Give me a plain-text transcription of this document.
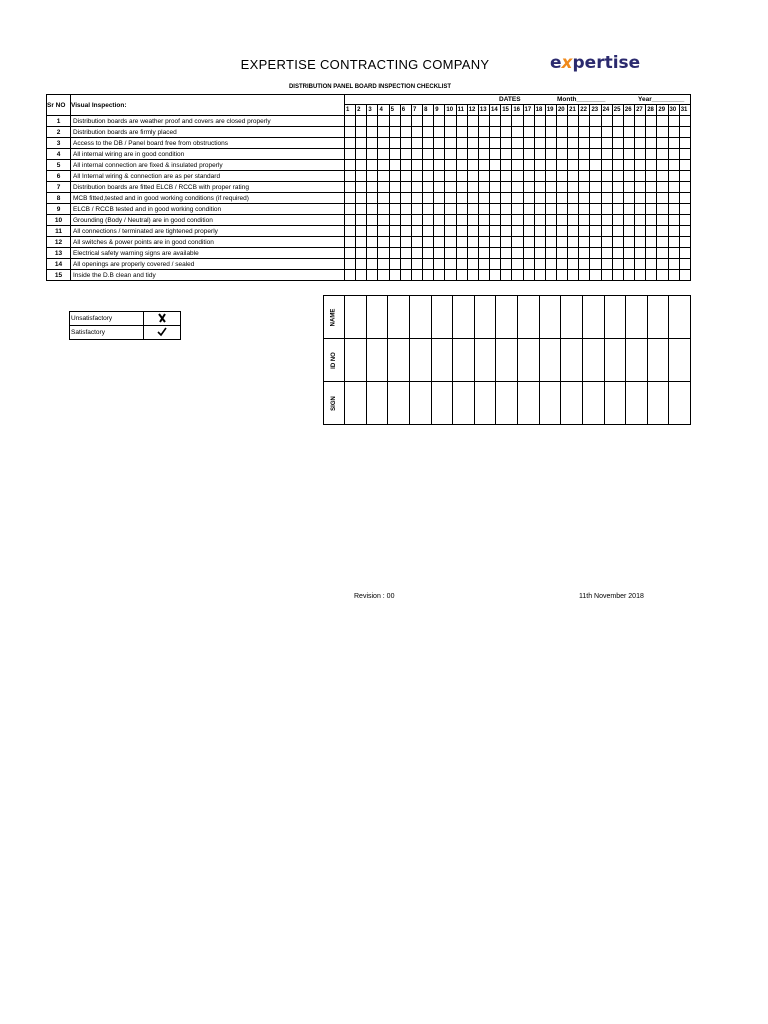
EXPERTISE CONTRACTING COMPANY	expertise
DISTRIBUTION PANEL BOARD INSPECTION CHECKLIST
Sr NO	Visual Inspection:	DATES Month________ Year_________																														

		1	2	3	4	5	6	7	8	9	10	11	12	13	14	15	16	17	18	19	20	21	22	23	24	25	26	27	28	29	30	31
1	Distribution boards are weather proof and covers are closed properly																															
2	Distribution boards are firmly placed																															
3	Access to the DB / Panel board free from obstructions																															
4	All internal wiring are in good condition																															
5	All internal connection are fixed & insulated properly																															
6	All Internal wiring & connection are as per standard																															
7	Distribution boards are fitted ELCB / RCCB with proper rating																															
8	MCB fitted,tested and in good working conditions (if required)																															
9	ELCB / RCCB tested and in good working condition																															
10	Grounding (Body / Neutral) are in good condition																															
11	All connections / terminated are tightened properly																															
12	All switches & power points are in good condition																															
13	Electrical safety warning signs are available																															
14	All openings are properly covered / sealed																															
15	Inside the D.B clean and tidy																															
Unsatisfactory	
Satisfactory	
NAME																
ID NO																
SIGN																
Revision : 00	11th November 2018
